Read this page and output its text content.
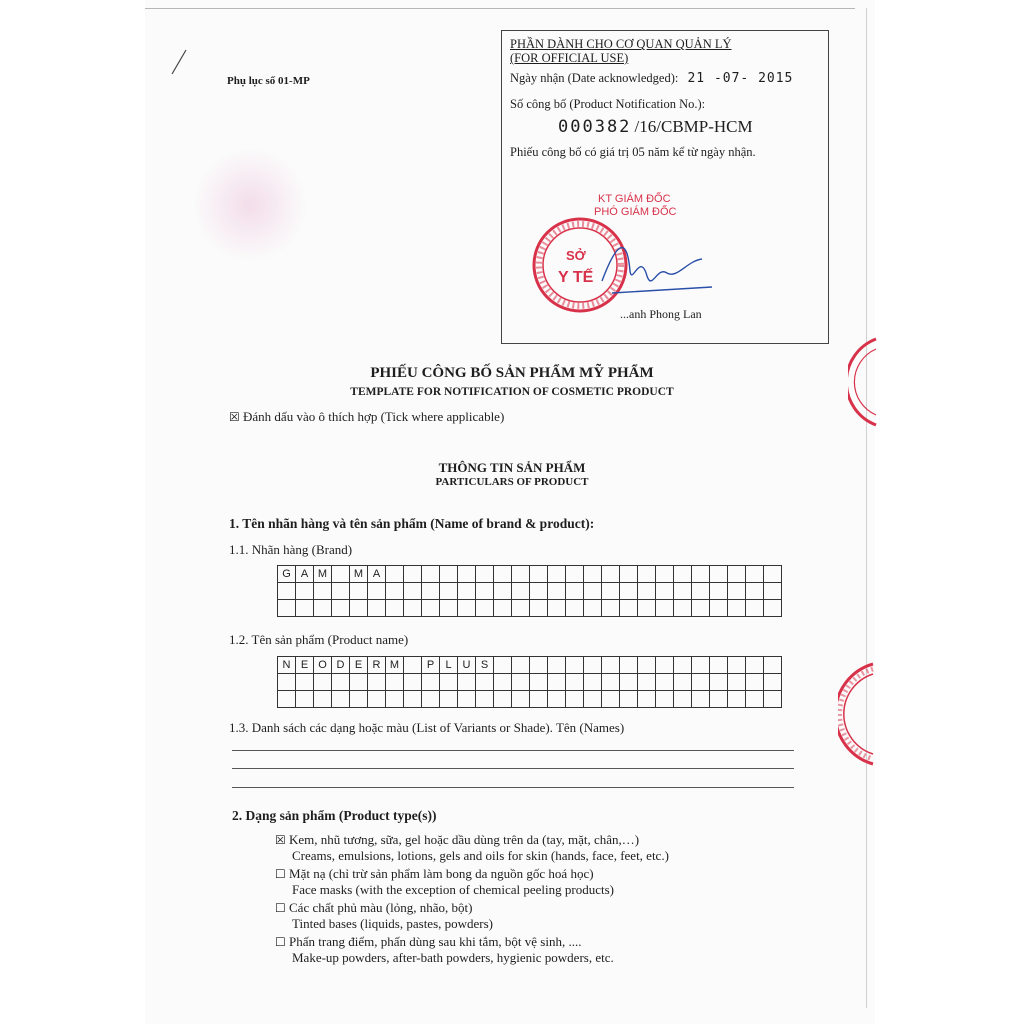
Phụ lục số 01-MP
PHẦN DÀNH CHO CƠ QUAN QUẢN LÝ
(FOR OFFICIAL USE)
Ngày nhận (Date acknowledged): 21 -07- 2015
Số công bố (Product Notification No.):
000382 /16/CBMP-HCM
Phiếu công bố có giá trị 05 năm kể từ ngày nhận.
KT GIÁM ĐỐC
PHÓ GIÁM ĐỐC
SỞ
Y TẾ
...anh Phong Lan
PHIẾU CÔNG BỐ SẢN PHẨM MỸ PHẨM
TEMPLATE FOR NOTIFICATION OF COSMETIC PRODUCT
☒ Đánh dấu vào ô thích hợp (Tick where applicable)
THÔNG TIN SẢN PHẨM
PARTICULARS OF PRODUCT
1. Tên nhãn hàng và tên sản phẩm (Name of brand & product):
1.1. Nhãn hàng (Brand)
G	A	M		M	A																						

1.2. Tên sản phẩm (Product name)
N	E	O	D	E	R	M		P	L	U	S																

1.3. Danh sách các dạng hoặc màu (List of Variants or Shade). Tên (Names)
2. Dạng sản phẩm (Product type(s))
☒ Kem, nhũ tương, sữa, gel hoặc dầu dùng trên da (tay, mặt, chân,…)
Creams, emulsions, lotions, gels and oils for skin (hands, face, feet, etc.)
☐ Mặt nạ (chỉ trừ sản phẩm làm bong da nguồn gốc hoá học)
Face masks (with the exception of chemical peeling products)
☐ Các chất phủ màu (lỏng, nhão, bột)
Tinted bases (liquids, pastes, powders)
☐ Phấn trang điểm, phấn dùng sau khi tắm, bột vệ sinh, ....
Make-up powders, after-bath powders, hygienic powders, etc.
